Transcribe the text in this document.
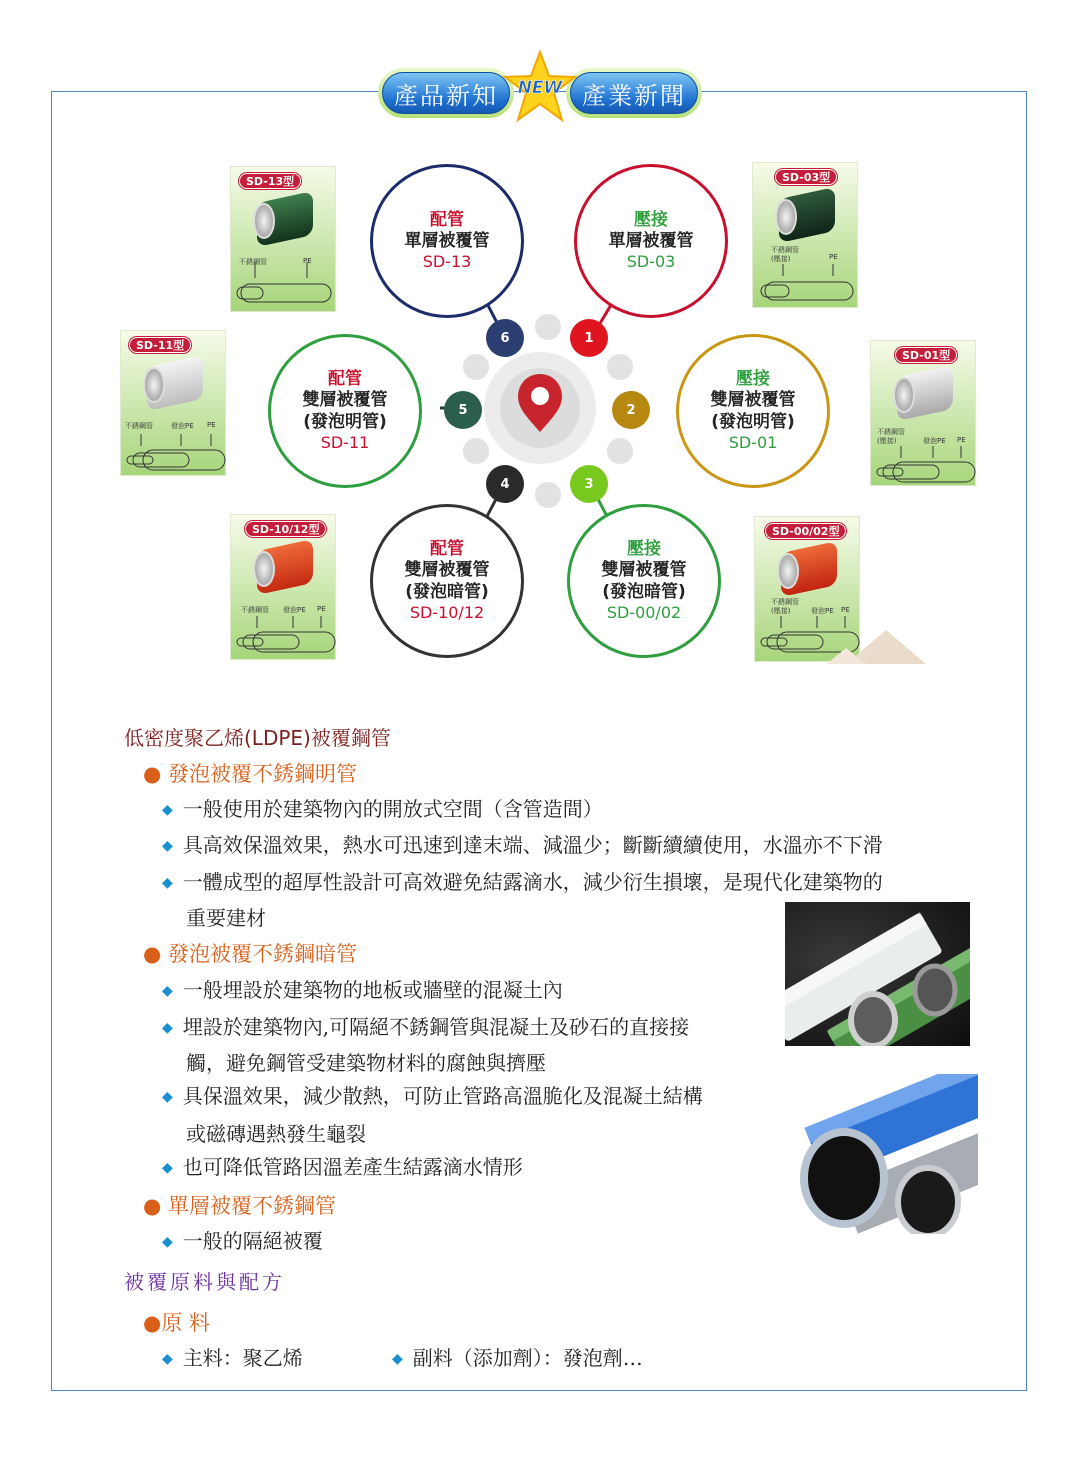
產品新知	產業新聞
NEW
1
2
3
4
5
6
配管
單層被覆管
SD-13
壓接
單層被覆管
SD-03
配管
雙層被覆管
(發泡明管)
SD-11
壓接
雙層被覆管
(發泡明管)
SD-01
配管
雙層被覆管
(發泡暗管)
SD-10/12
壓接
雙層被覆管
(發泡暗管)
SD-00/02
SD-13型
不銹鋼管	PE
SD-03型
不銹鋼管
(壓接)	PE
SD-11型
不銹鋼管	發泡PE PE
SD-01型
不銹鋼管
(壓接)	發泡PE PE
SD-10/12型
不銹鋼管 發泡PE PE
SD-00/02型
不銹鋼管
(壓接)	發泡PE PE
低密度聚乙烯(LDPE)被覆鋼管
● 發泡被覆不銹鋼明管
◆ 一般使用於建築物內的開放式空間（含管造間）
◆ 具高效保溫效果，熱水可迅速到達末端、減溫少；斷斷續續使用，水溫亦不下滑
◆ 一體成型的超厚性設計可高效避免結露滴水，減少衍生損壞，是現代化建築物的
重要建材
● 發泡被覆不銹鋼暗管
◆ 一般埋設於建築物的地板或牆壁的混凝土內
◆ 埋設於建築物內,可隔絕不銹鋼管與混凝土及砂石的直接接
觸，避免鋼管受建築物材料的腐蝕與擠壓
◆ 具保溫效果，減少散熱，可防止管路高溫脆化及混凝土結構
或磁磚遇熱發生龜裂
◆ 也可降低管路因溫差產生結露滴水情形
● 單層被覆不銹鋼管
◆ 一般的隔絕被覆
被覆原料與配方
●原 料
◆ 主料：聚乙烯	◆ 副料（添加劑）：發泡劑…
